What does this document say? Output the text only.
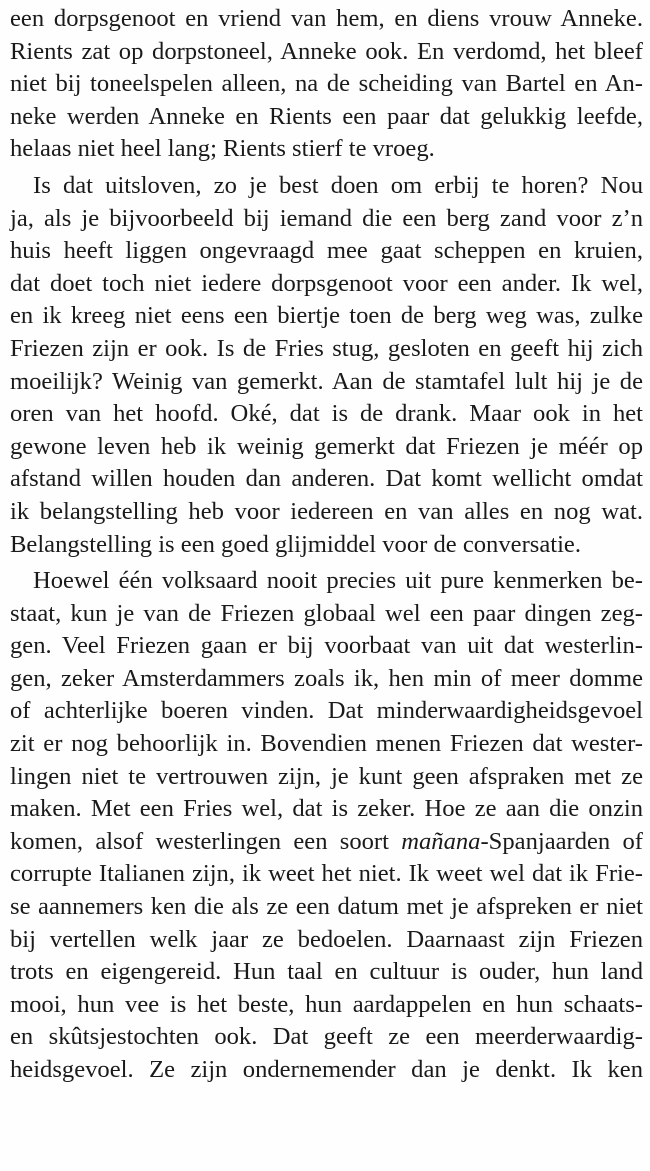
een dorpsgenoot en vriend van hem, en diens vrouw Anneke.
Rients zat op dorpstoneel, Anneke ook. En verdomd, het bleef
niet bij toneelspelen alleen, na de scheiding van Bartel en An-
neke werden Anneke en Rients een paar dat gelukkig leefde,
helaas niet heel lang; Rients stierf te vroeg.
Is dat uitsloven, zo je best doen om erbij te horen? Nou
ja, als je bijvoorbeeld bij iemand die een berg zand voor z’n
huis heeft liggen ongevraagd mee gaat scheppen en kruien,
dat doet toch niet iedere dorpsgenoot voor een ander. Ik wel,
en ik kreeg niet eens een biertje toen de berg weg was, zulke
Friezen zijn er ook. Is de Fries stug, gesloten en geeft hij zich
moeilijk? Weinig van gemerkt. Aan de stamtafel lult hij je de
oren van het hoofd. Oké, dat is de drank. Maar ook in het
gewone leven heb ik weinig gemerkt dat Friezen je méér op
afstand willen houden dan anderen. Dat komt wellicht omdat
ik belangstelling heb voor iedereen en van alles en nog wat.
Belangstelling is een goed glijmiddel voor de conversatie.
Hoewel één volksaard nooit precies uit pure kenmerken be-
staat, kun je van de Friezen globaal wel een paar dingen zeg-
gen. Veel Friezen gaan er bij voorbaat van uit dat westerlin-
gen, zeker Amsterdammers zoals ik, hen min of meer domme
of achterlijke boeren vinden. Dat minderwaardigheidsgevoel
zit er nog behoorlijk in. Bovendien menen Friezen dat wester-
lingen niet te vertrouwen zijn, je kunt geen afspraken met ze
maken. Met een Fries wel, dat is zeker. Hoe ze aan die onzin
komen, alsof westerlingen een soort mañana-Spanjaarden of
corrupte Italianen zijn, ik weet het niet. Ik weet wel dat ik Frie-
se aannemers ken die als ze een datum met je afspreken er niet
bij vertellen welk jaar ze bedoelen. Daarnaast zijn Friezen
trots en eigengereid. Hun taal en cultuur is ouder, hun land
mooi, hun vee is het beste, hun aardappelen en hun schaats-
en skûtsjestochten ook. Dat geeft ze een meerderwaardig-
heidsgevoel. Ze zijn ondernemender dan je denkt. Ik ken
